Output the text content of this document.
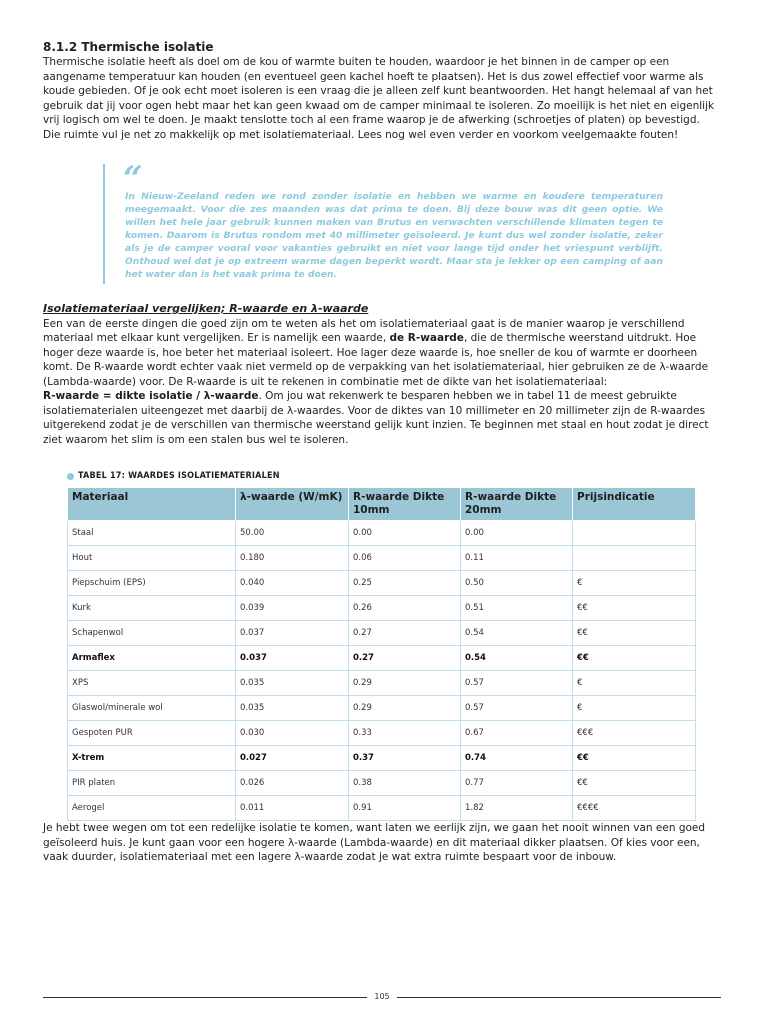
8.1.2 Thermische isolatie

Thermische isolatie heeft als doel om de kou of warmte buiten te houden, waardoor je het binnen in de camper op een aangename temperatuur kan houden (en eventueel geen kachel hoeft te plaatsen). Het is dus zowel effectief voor warme als koude gebieden. Of je ook echt moet isoleren is een vraag die je alleen zelf kunt beantwoorden. Het hangt helemaal af van het gebruik dat jij voor ogen hebt maar het kan geen kwaad om de camper minimaal te isoleren. Zo moeilijk is het niet en eigenlijk vrij logisch om wel te doen. Je maakt tenslotte toch al een frame waarop je de afwerking (schroetjes of platen) op bevestigd. Die ruimte vul je net zo makkelijk op met isolatiemateriaal. Lees nog wel even verder en voorkom veelgemaakte fouten!

“

In Nieuw-Zeeland reden we rond zonder isolatie en hebben we warme en koudere temperaturen meegemaakt. Voor die zes maanden was dat prima te doen. Bij deze bouw was dit geen optie. We willen het hele jaar gebruik kunnen maken van Brutus en verwachten verschillende klimaten tegen te komen. Daarom is Brutus rondom met 40 millimeter geïsoleerd. Je kunt dus wel zonder isolatie, zeker als je de camper vooral voor vakanties gebruikt en niet voor lange tijd onder het vriespunt verblijft. Onthoud wel dat je op extreem warme dagen beperkt wordt. Maar sta je lekker op een camping of aan het water dan is het vaak prima te doen.

Isolatiemateriaal vergelijken; R-waarde en λ-waarde

Een van de eerste dingen die goed zijn om te weten als het om isolatiemateriaal gaat is de manier waarop je verschillend materiaal met elkaar kunt vergelijken. Er is namelijk een waarde, de R-waarde, die de thermische weerstand uitdrukt. Hoe hoger deze waarde is, hoe beter het materiaal isoleert. Hoe lager deze waarde is, hoe sneller de kou of warmte er doorheen komt. De R-waarde wordt echter vaak niet vermeld op de verpakking van het isolatiemateriaal, hier gebruiken ze de λ-waarde (Lambda-waarde) voor. De R-waarde is uit te rekenen in combinatie met de dikte van het isolatiemateriaal:

R-waarde = dikte isolatie / λ-waarde. Om jou wat rekenwerk te besparen hebben we in tabel 11 de meest gebruikte isolatiematerialen uiteengezet met daarbij de λ-waardes. Voor de diktes van 10 millimeter en 20 millimeter zijn de R-waardes uitgerekend zodat je de verschillen van thermische weerstand gelijk kunt inzien. Te beginnen met staal en hout zodat je direct ziet waarom het slim is om een stalen bus wel te isoleren.

TABEL 17: WAARDES ISOLATIEMATERIALEN
Materiaal	λ-waarde (W/mK)	R-waarde Dikte 10mm	R-waarde Dikte 20mm	Prijsindicatie
Staal	50.00	0.00	0.00	
Hout	0.180	0.06	0.11	
Piepschuim (EPS)	0.040	0.25	0.50	€
Kurk	0.039	0.26	0.51	€€
Schapenwol	0.037	0.27	0.54	€€
Armaflex	0.037	0.27	0.54	€€
XPS	0.035	0.29	0.57	€
Glaswol/minerale wol	0.035	0.29	0.57	€
Gespoten PUR	0.030	0.33	0.67	€€€
X-trem	0.027	0.37	0.74	€€
PIR platen	0.026	0.38	0.77	€€
Aerogel	0.011	0.91	1.82	€€€€

Je hebt twee wegen om tot een redelijke isolatie te komen, want laten we eerlijk zijn, we gaan het nooit winnen van een goed geïsoleerd huis. Je kunt gaan voor een hogere λ-waarde (Lambda-waarde) en dit materiaal dikker plaatsen. Of kies voor een, vaak duurder, isolatiemateriaal met een lagere λ-waarde zodat je wat extra ruimte bespaart voor de inbouw.

105
